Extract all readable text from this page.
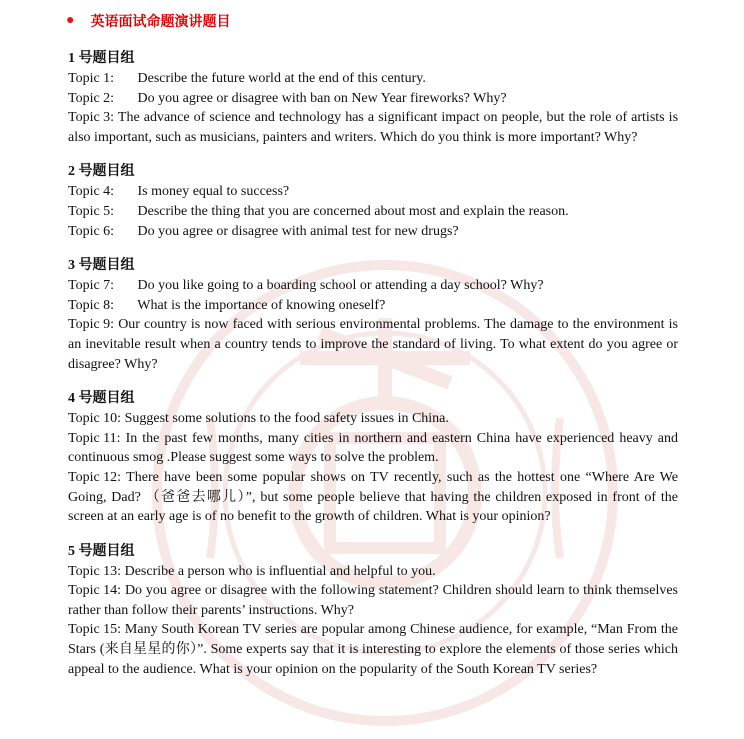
● 英语面试命题演讲题目
1 号题目组
Topic 1: Describe the future world at the end of this century.
Topic 2: Do you agree or disagree with ban on New Year fireworks? Why?
Topic 3: The advance of science and technology has a significant impact on people, but the role of artists is also important, such as musicians, painters and writers. Which do you think is more important? Why?
2 号题目组
Topic 4: Is money equal to success?
Topic 5: Describe the thing that you are concerned about most and explain the reason.
Topic 6: Do you agree or disagree with animal test for new drugs?
3 号题目组
Topic 7: Do you like going to a boarding school or attending a day school? Why?
Topic 8: What is the importance of knowing oneself?
Topic 9: Our country is now faced with serious environmental problems. The damage to the environment is an inevitable result when a country tends to improve the standard of living. To what extent do you agree or disagree? Why?
4 号题目组
Topic 10: Suggest some solutions to the food safety issues in China.
Topic 11: In the past few months, many cities in northern and eastern China have experienced heavy and continuous smog .Please suggest some ways to solve the problem.
Topic 12: There have been some popular shows on TV recently, such as the hottest one “Where Are We Going, Dad? （爸爸去哪儿）”, but some people believe that having the children exposed in front of the screen at an early age is of no benefit to the growth of children. What is your opinion?
5 号题目组
Topic 13: Describe a person who is influential and helpful to you.
Topic 14: Do you agree or disagree with the following statement? Children should learn to think themselves rather than follow their parents’ instructions. Why?
Topic 15: Many South Korean TV series are popular among Chinese audience, for example, “Man From the Stars (来自星星的你）”. Some experts say that it is interesting to explore the elements of those series which appeal to the audience. What is your opinion on the popularity of the South Korean TV series?
